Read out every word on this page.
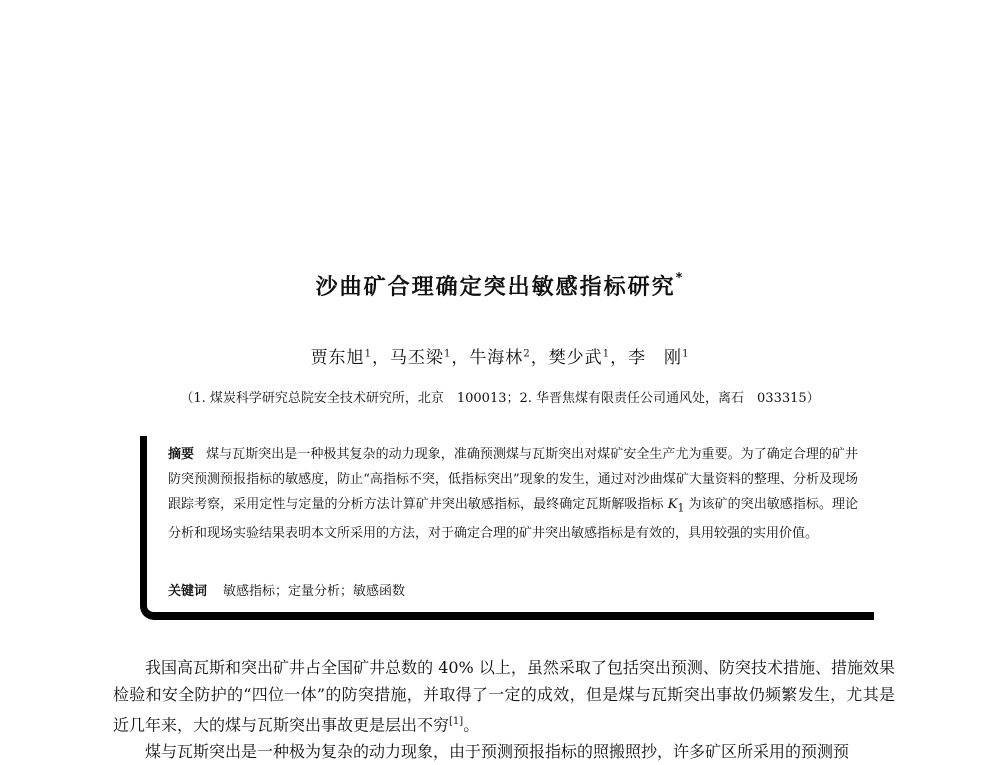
沙曲矿合理确定突出敏感指标研究*
贾东旭$^1$，马丕梁$^1$，牛海林$^2$，樊少武$^1$，李　刚$^1$
（1. 煤炭科学研究总院安全技术研究所，北京　100013；2. 华晋焦煤有限责任公司通风处，离石　033315）
摘要 煤与瓦斯突出是一种极其复杂的动力现象，准确预测煤与瓦斯突出对煤矿安全生产尤为重要。为了确定合理的矿井防突预测预报指标的敏感度，防止“高指标不突，低指标突出”现象的发生，通过对沙曲煤矿大量资料的整理、分析及现场跟踪考察，采用定性与定量的分析方法计算矿井突出敏感指标，最终确定瓦斯解吸指标 $K_1$ 为该矿的突出敏感指标。理论分析和现场实验结果表明本文所采用的方法，对于确定合理的矿井突出敏感指标是有效的，具用较强的实用价值。
关键词 敏感指标；定量分析；敏感函数

我国高瓦斯和突出矿井占全国矿井总数的 40% 以上，虽然采取了包括突出预测、防突技术措施、措施效果检验和安全防护的“四位一体”的防突措施，并取得了一定的成效，但是煤与瓦斯突出事故仍频繁发生，尤其是近几年来，大的煤与瓦斯突出事故更是层出不穷[1]。

煤与瓦斯突出是一种极为复杂的动力现象，由于预测预报指标的照搬照抄，许多矿区所采用的预测预
